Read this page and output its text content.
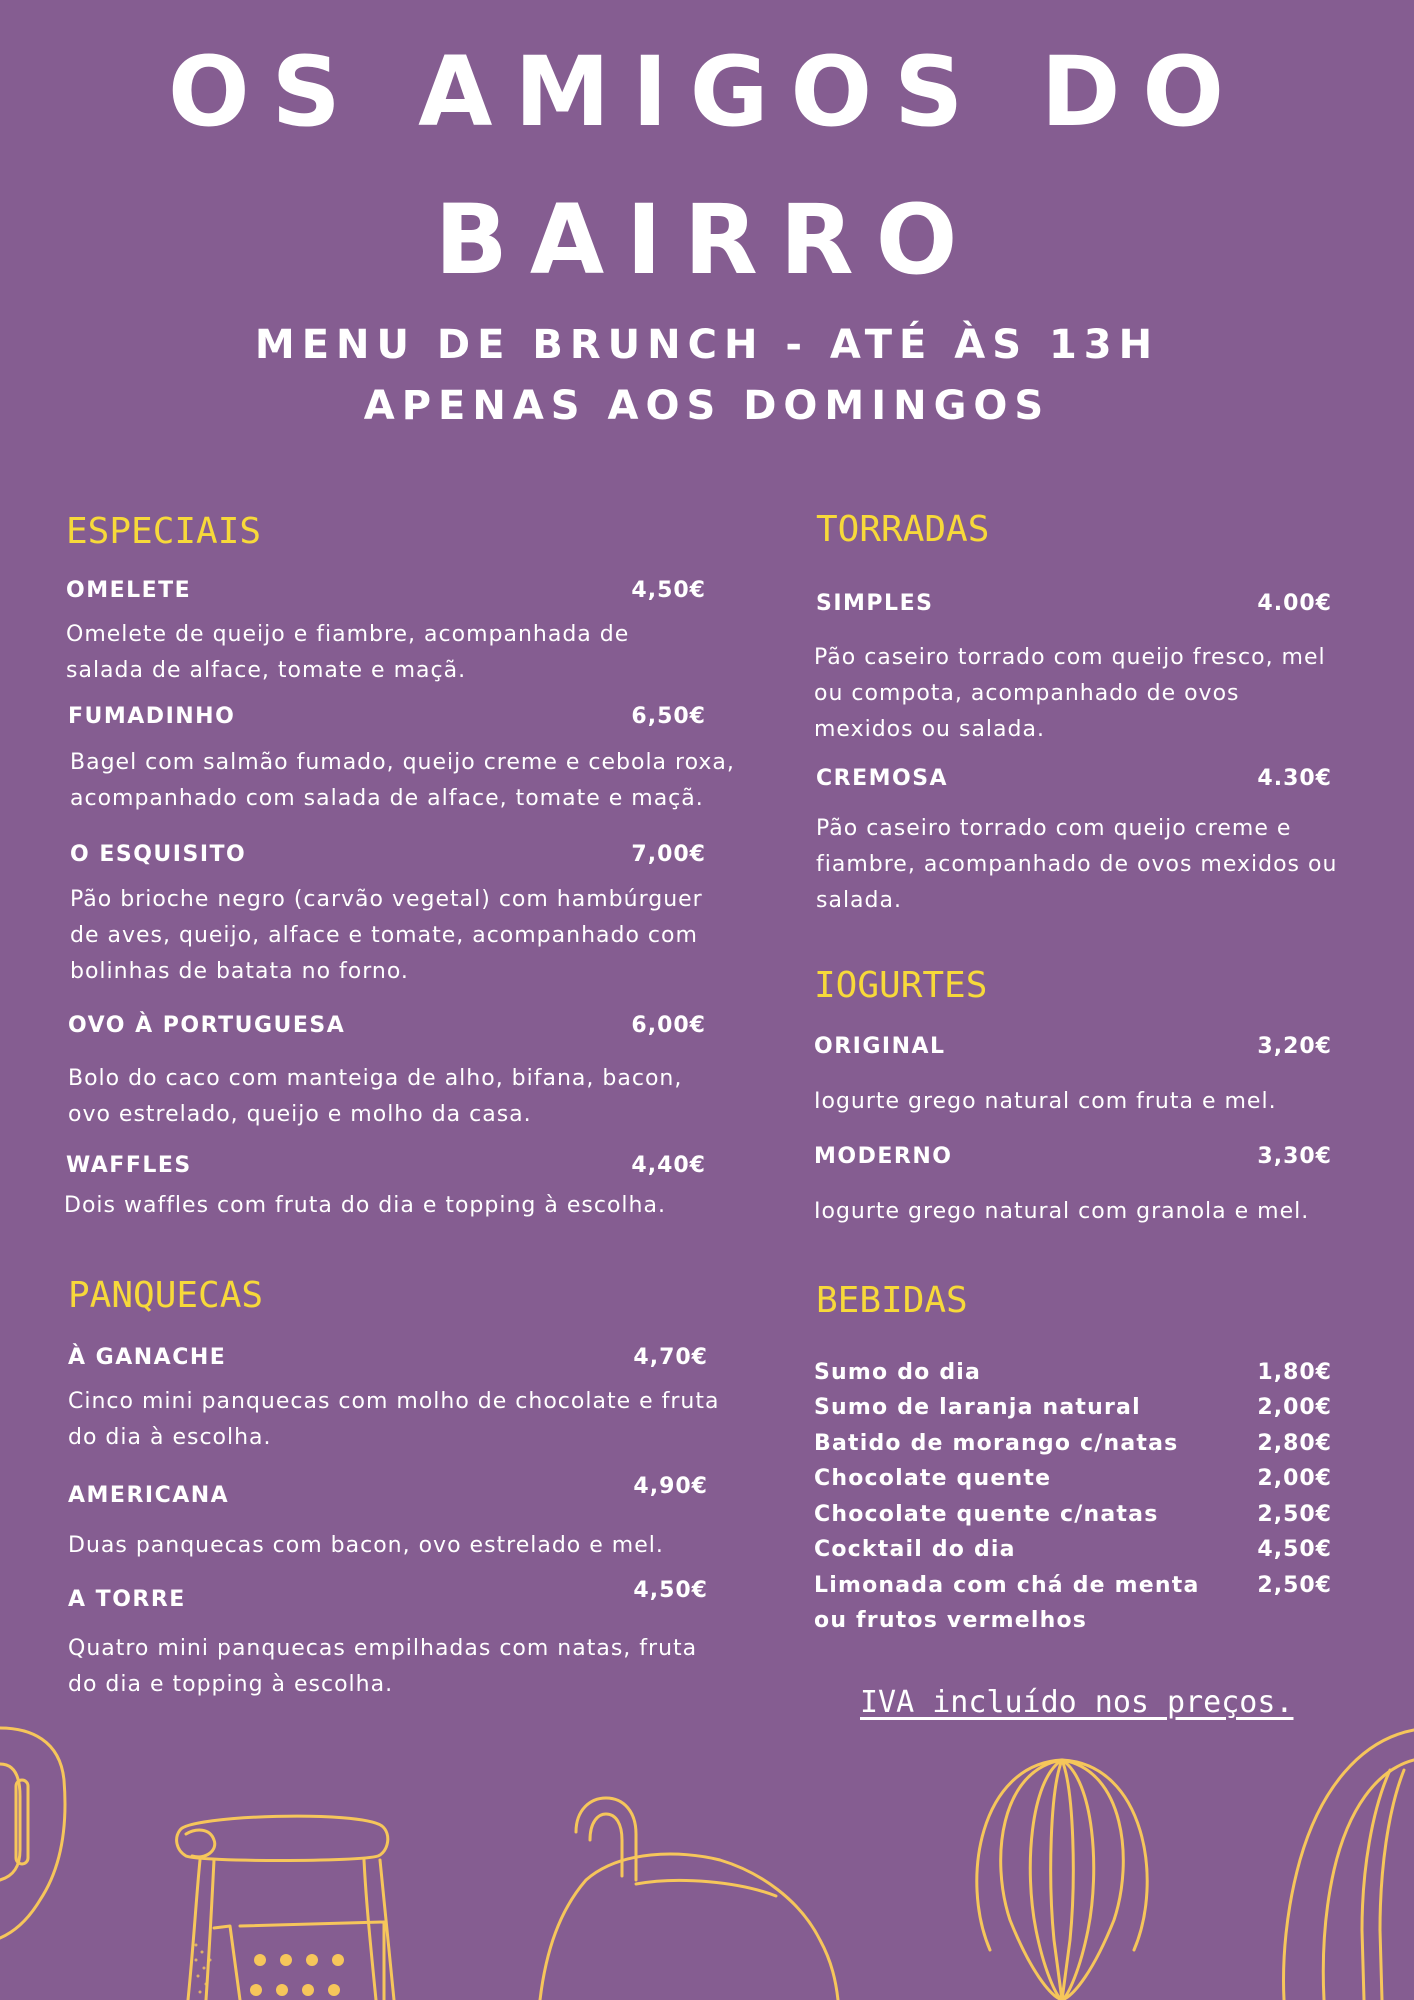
OS AMIGOS DO
BAIRRO
MENU DE BRUNCH - ATÉ ÀS 13H
APENAS AOS DOMINGOS
ESPECIAIS
OMELETE	4,50€
Omelete de queijo e fiambre, acompanhada de
salada de alface, tomate e maçã.
FUMADINHO	6,50€
Bagel com salmão fumado, queijo creme e cebola roxa,
acompanhado com salada de alface, tomate e maçã.
O ESQUISITO	7,00€
Pão brioche negro (carvão vegetal) com hambúrguer
de aves, queijo, alface e tomate, acompanhado com
bolinhas de batata no forno.
OVO À PORTUGUESA	6,00€
Bolo do caco com manteiga de alho, bifana, bacon,
ovo estrelado, queijo e molho da casa.
WAFFLES	4,40€
Dois waffles com fruta do dia e topping à escolha.
PANQUECAS
À GANACHE	4,70€
Cinco mini panquecas com molho de chocolate e fruta
do dia à escolha.
AMERICANA	4,90€
Duas panquecas com bacon, ovo estrelado e mel.
A TORRE	4,50€
Quatro mini panquecas empilhadas com natas, fruta
do dia e topping à escolha.
TORRADAS
SIMPLES	4.00€
Pão caseiro torrado com queijo fresco, mel
ou compota, acompanhado de ovos
mexidos ou salada.
CREMOSA	4.30€
Pão caseiro torrado com queijo creme e
fiambre, acompanhado de ovos mexidos ou
salada.
IOGURTES
ORIGINAL	3,20€
Iogurte grego natural com fruta e mel.
MODERNO	3,30€
Iogurte grego natural com granola e mel.
BEBIDAS
Sumo do dia	1,80€
Sumo de laranja natural	2,00€
Batido de morango c/natas	2,80€
Chocolate quente	2,00€
Chocolate quente c/natas	2,50€
Cocktail do dia	4,50€
Limonada com chá de menta	2,50€
ou frutos vermelhos
IVA incluído nos preços.
